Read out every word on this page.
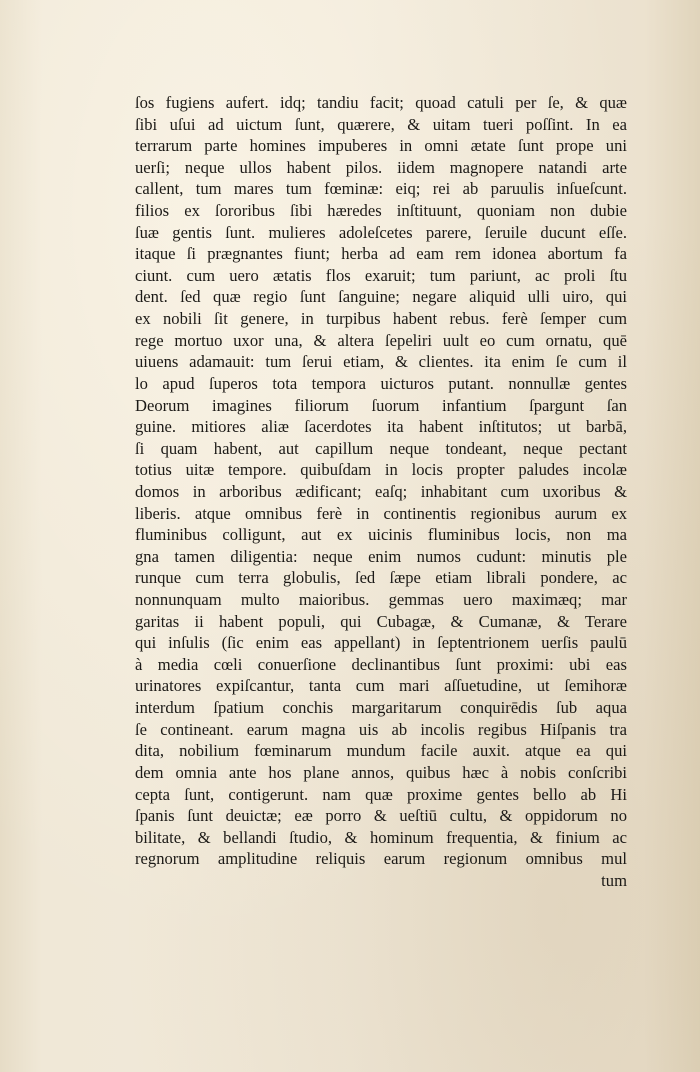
ſos fugiens aufert. idq; tandiu facit; quoad catuli per ſe, & quæ
ſibi uſui ad uictum ſunt, quærere, & uitam tueri poſſint. In ea
terrarum parte homines impuberes in omni ætate ſunt prope uni
uerſi; neque ullos habent pilos. iidem magnopere natandi arte
callent, tum mares tum fœminæ: eiq; rei ab paruulis inſueſcunt.
filios ex ſororibus ſibi hæredes inſtituunt, quoniam non dubie
ſuæ gentis ſunt. mulieres adoleſcetes parere, ſeruile ducunt eſſe.
itaque ſi prægnantes fiunt; herba ad eam rem idonea abortum fa
ciunt. cum uero ætatis flos exaruit; tum pariunt, ac proli ſtu
dent. ſed quæ regio ſunt ſanguine; negare aliquid ulli uiro, qui
ex nobili ſit genere, in turpibus habent rebus. ferè ſemper cum
rege mortuo uxor una, & altera ſepeliri uult eo cum ornatu, quē
uiuens adamauit: tum ſerui etiam, & clientes. ita enim ſe cum il
lo apud ſuperos tota tempora uicturos putant. nonnullæ gentes
Deorum imagines filiorum ſuorum infantium ſpargunt ſan
guine. mitiores aliæ ſacerdotes ita habent inſtitutos; ut barbā,
ſi quam habent, aut capillum neque tondeant, neque pectant
totius uitæ tempore. quibuſdam in locis propter paludes incolæ
domos in arboribus ædificant; eaſq; inhabitant cum uxoribus &
liberis. atque omnibus ferè in continentis regionibus aurum ex
fluminibus colligunt, aut ex uicinis fluminibus locis, non ma
gna tamen diligentia: neque enim numos cudunt: minutis ple
runque cum terra globulis, ſed ſæpe etiam librali pondere, ac
nonnunquam multo maioribus. gemmas uero maximæq; mar
garitas ii habent populi, qui Cubagæ, & Cumanæ, & Terare
qui inſulis (ſic enim eas appellant) in ſeptentrionem uerſis paulū
à media cœli conuerſione declinantibus ſunt proximi: ubi eas
urinatores expiſcantur, tanta cum mari aſſuetudine, ut ſemihoræ
interdum ſpatium conchis margaritarum conquirēdis ſub aqua
ſe contineant. earum magna uis ab incolis regibus Hiſpanis tra
dita, nobilium fœminarum mundum facile auxit. atque ea qui
dem omnia ante hos plane annos, quibus hæc à nobis conſcribi
cepta ſunt, contigerunt. nam quæ proxime gentes bello ab Hi
ſpanis ſunt deuictæ; eæ porro & ueſtiū cultu, & oppidorum no
bilitate, & bellandi ſtudio, & hominum frequentia, & finium ac
regnorum amplitudine reliquis earum regionum omnibus mul
tum
